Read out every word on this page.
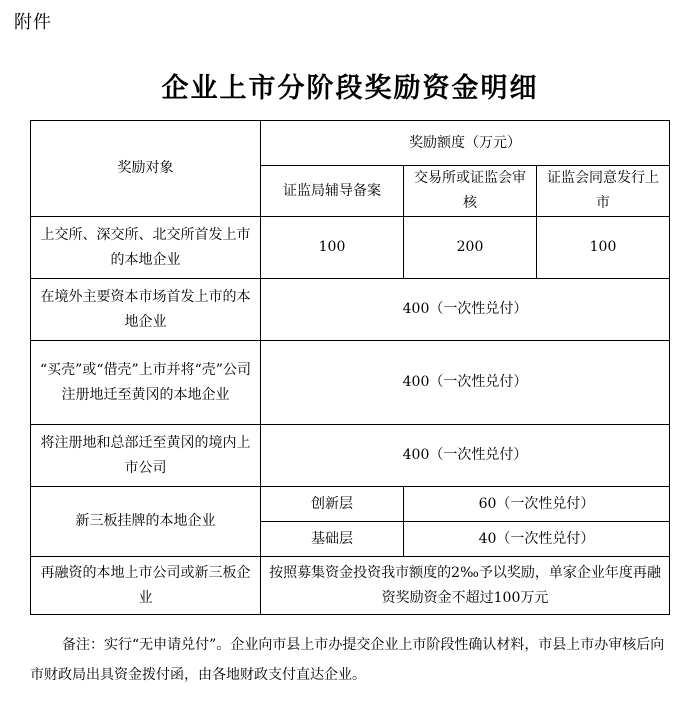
附件
企业上市分阶段奖励资金明细
奖励对象	奖励额度（万元）		
	证监局辅导备案	交易所或证监会审核	证监会同意发行上市
上交所、深交所、北交所首发上市的本地企业	100	200	100
在境外主要资本市场首发上市的本地企业	400（一次性兑付）		
“买壳”或“借壳”上市并将“壳”公司注册地迁至黄冈的本地企业	400（一次性兑付）		
将注册地和总部迁至黄冈的境内上市公司	400（一次性兑付）		
新三板挂牌的本地企业	创新层	60（一次性兑付）	
	基础层	40（一次性兑付）	
再融资的本地上市公司或新三板企业	按照募集资金投资我市额度的2‰予以奖励，单家企业年度再融资奖励资金不超过100万元		
备注：实行“无申请兑付”。企业向市县上市办提交企业上市阶段性确认材料，市县上市办审核后向市财政局出具资金拨付函，由各地财政支付直达企业。
